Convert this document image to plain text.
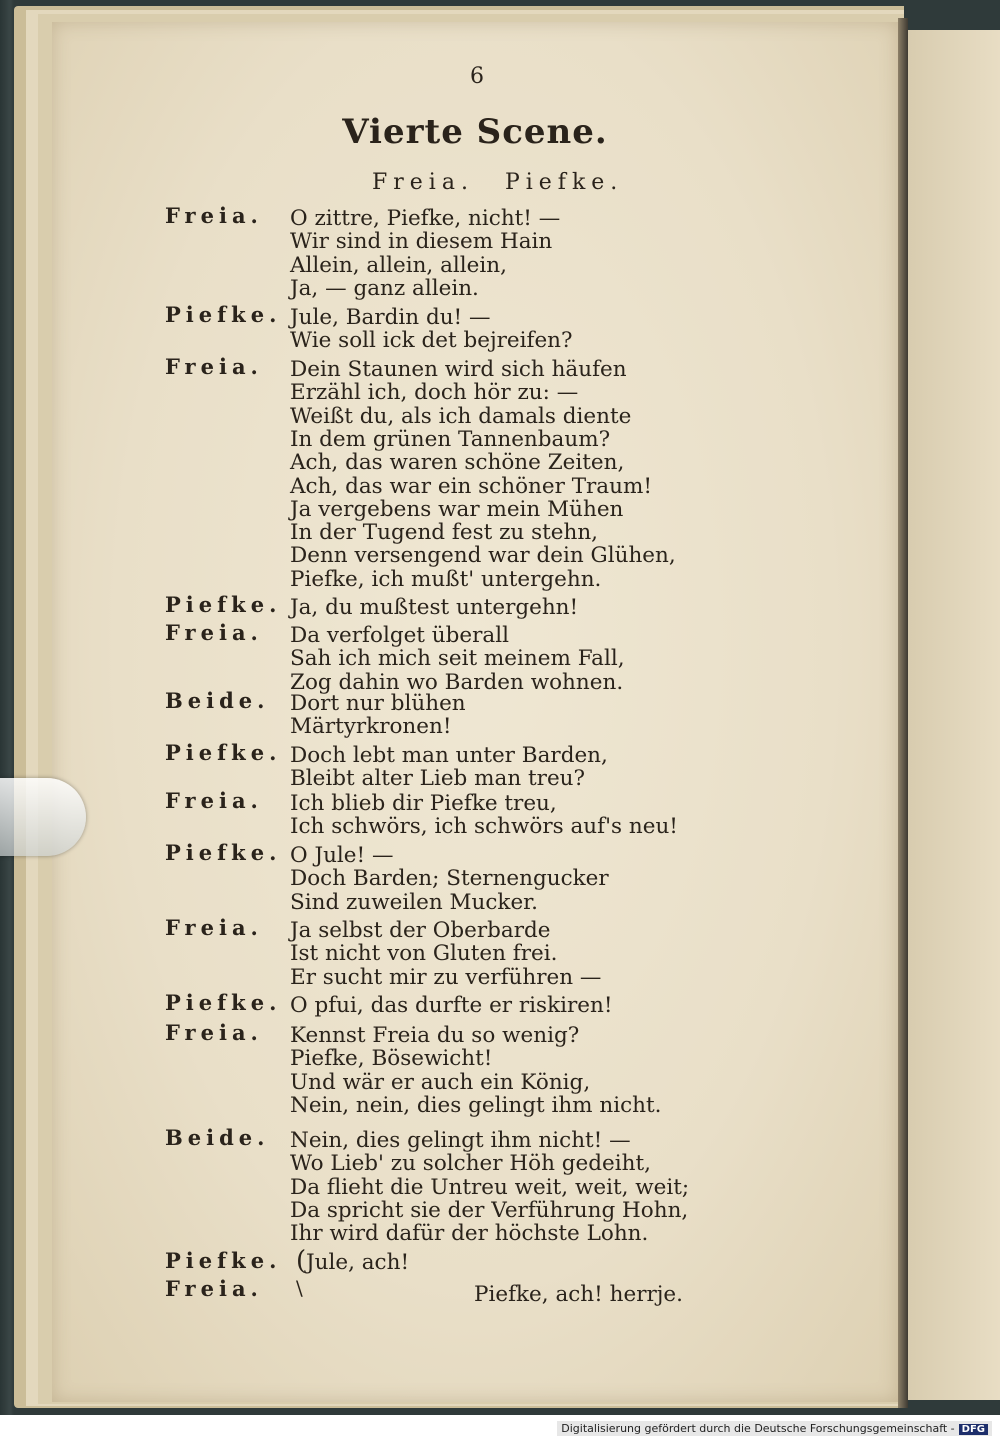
6
Vierte Scene.
Freia. Piefke.
Freia. O zittre, Piefke, nicht! —
Wir sind in diesem Hain
Allein, allein, allein,
Ja, — ganz allein.
Piefke. Jule, Bardin du! —
Wie soll ick det bejreifen?
Freia. Dein Staunen wird sich häufen
Erzähl ich, doch hör zu: —
Weißt du, als ich damals diente
In dem grünen Tannenbaum?
Ach, das waren schöne Zeiten,
Ach, das war ein schöner Traum!
Ja vergebens war mein Mühen
In der Tugend fest zu stehn,
Denn versengend war dein Glühen,
Piefke, ich mußt' untergehn.
Piefke. Ja, du mußtest untergehn!
Freia. Da verfolget überall
Sah ich mich seit meinem Fall,
Zog dahin wo Barden wohnen.
Beide. Dort nur blühen
Märtyrkronen!
Piefke. Doch lebt man unter Barden,
Bleibt alter Lieb man treu?
Freia. Ich blieb dir Piefke treu,
Ich schwörs, ich schwörs auf's neu!
Piefke. O Jule! —
Doch Barden; Sternengucker
Sind zuweilen Mucker.
Freia. Ja selbst der Oberbarde
Ist nicht von Gluten frei.
Er sucht mir zu verführen —
Piefke. O pfui, das durfte er riskiren!
Freia. Kennst Freia du so wenig?
Piefke, Bösewicht!
Und wär er auch ein König,
Nein, nein, dies gelingt ihm nicht.
Beide. Nein, dies gelingt ihm nicht! —
Wo Lieb' zu solcher Höh gedeiht,
Da flieht die Untreu weit, weit, weit;
Da spricht sie der Verführung Hohn,
Ihr wird dafür der höchste Lohn.
Piefke.
Freia.
(
\
Jule, ach!
Piefke, ach! herrje.
Digitalisierung gefördert durch die Deutsche Forschungsgemeinschaft - DFG
